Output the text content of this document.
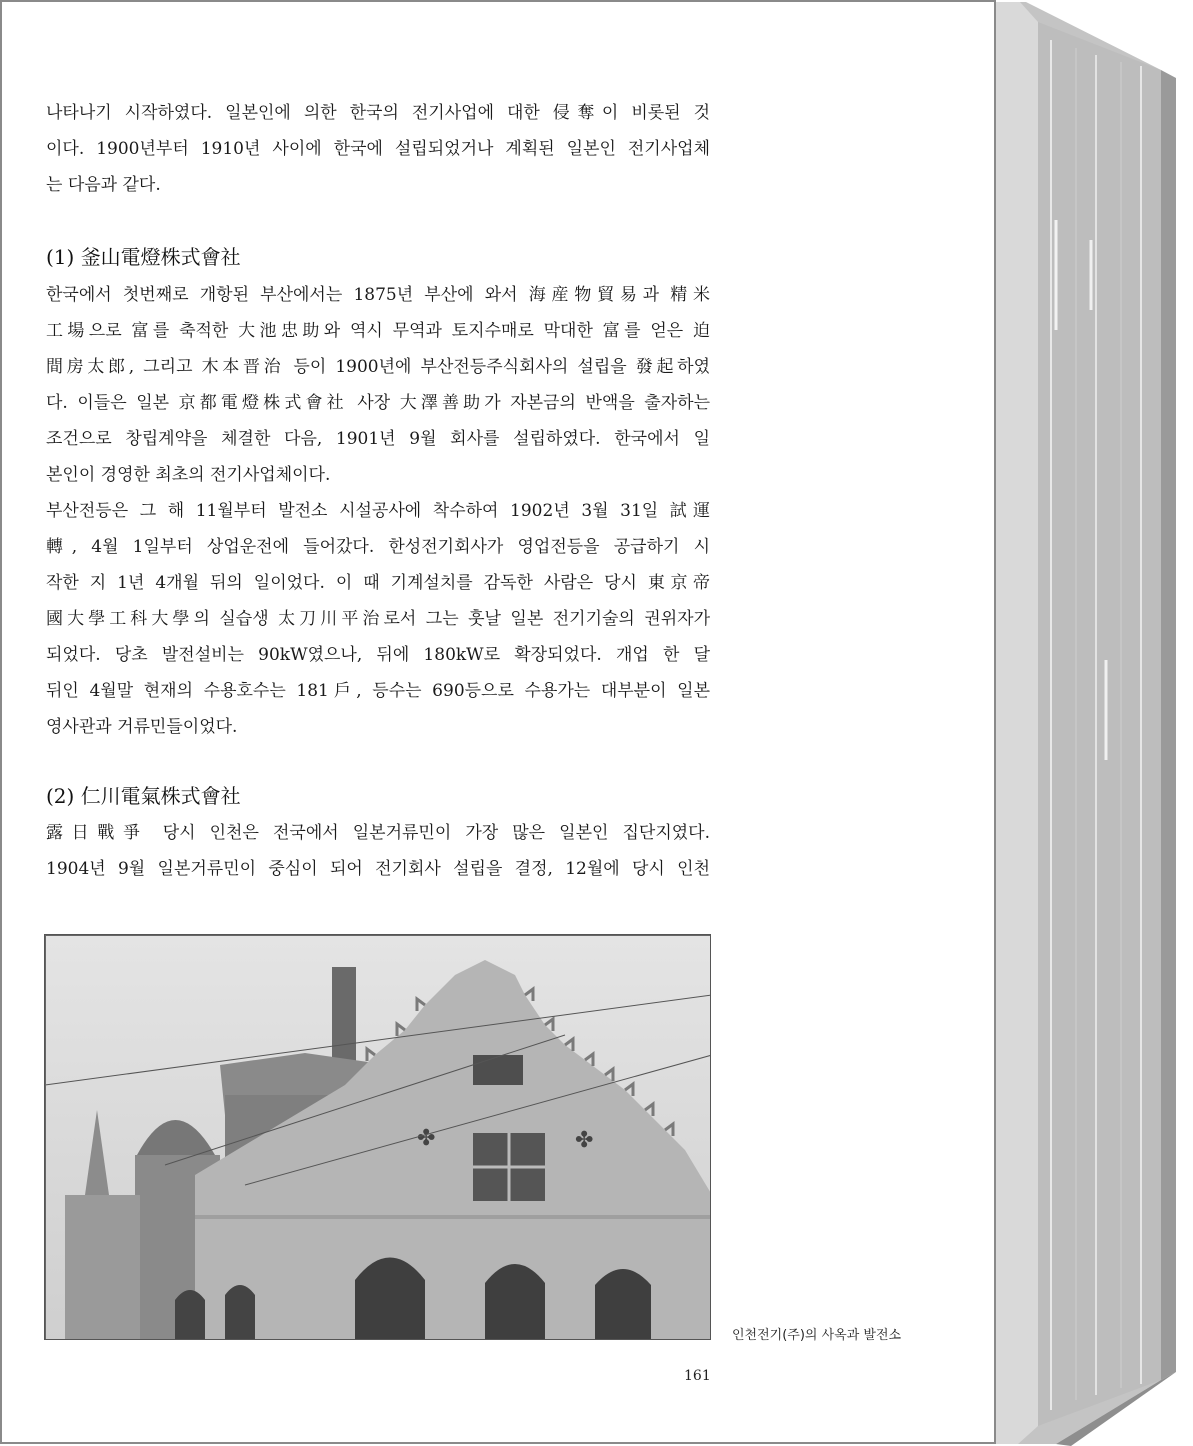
나타나기 시작하였다. 일본인에 의한 한국의 전기사업에 대한 侵奪이 비롯된 것
이다. 1900년부터 1910년 사이에 한국에 설립되었거나 계획된 일본인 전기사업체
는 다음과 같다.
(1) 釜山電燈株式會社
한국에서 첫번째로 개항된 부산에서는 1875년 부산에 와서 海産物貿易과 精米
工場으로 富를 축적한 大池忠助와 역시 무역과 토지수매로 막대한 富를 얻은 迫
間房太郎, 그리고 木本晋治 등이 1900년에 부산전등주식회사의 설립을 發起하였
다. 이들은 일본 京都電燈株式會社 사장 大澤善助가 자본금의 반액을 출자하는
조건으로 창립계약을 체결한 다음, 1901년 9월 회사를 설립하였다. 한국에서 일
본인이 경영한 최초의 전기사업체이다.
부산전등은 그 해 11월부터 발전소 시설공사에 착수하여 1902년 3월 31일 試運
轉, 4월 1일부터 상업운전에 들어갔다. 한성전기회사가 영업전등을 공급하기 시
작한 지 1년 4개월 뒤의 일이었다. 이 때 기계설치를 감독한 사람은 당시 東京帝
國大學工科大學의 실습생 太刀川平治로서 그는 훗날 일본 전기기술의 권위자가
되었다. 당초 발전설비는 90kW였으나, 뒤에 180kW로 확장되었다. 개업 한 달
뒤인 4월말 현재의 수용호수는 181戶, 등수는 690등으로 수용가는 대부분이 일본
영사관과 거류민들이었다.
(2) 仁川電氣株式會社
露日戰爭 당시 인천은 전국에서 일본거류민이 가장 많은 일본인 집단지였다.
1904년 9월 일본거류민이 중심이 되어 전기회사 설립을 결정, 12월에 당시 인천
✤	✤
인천전기(주)의 사옥과 발전소
161
